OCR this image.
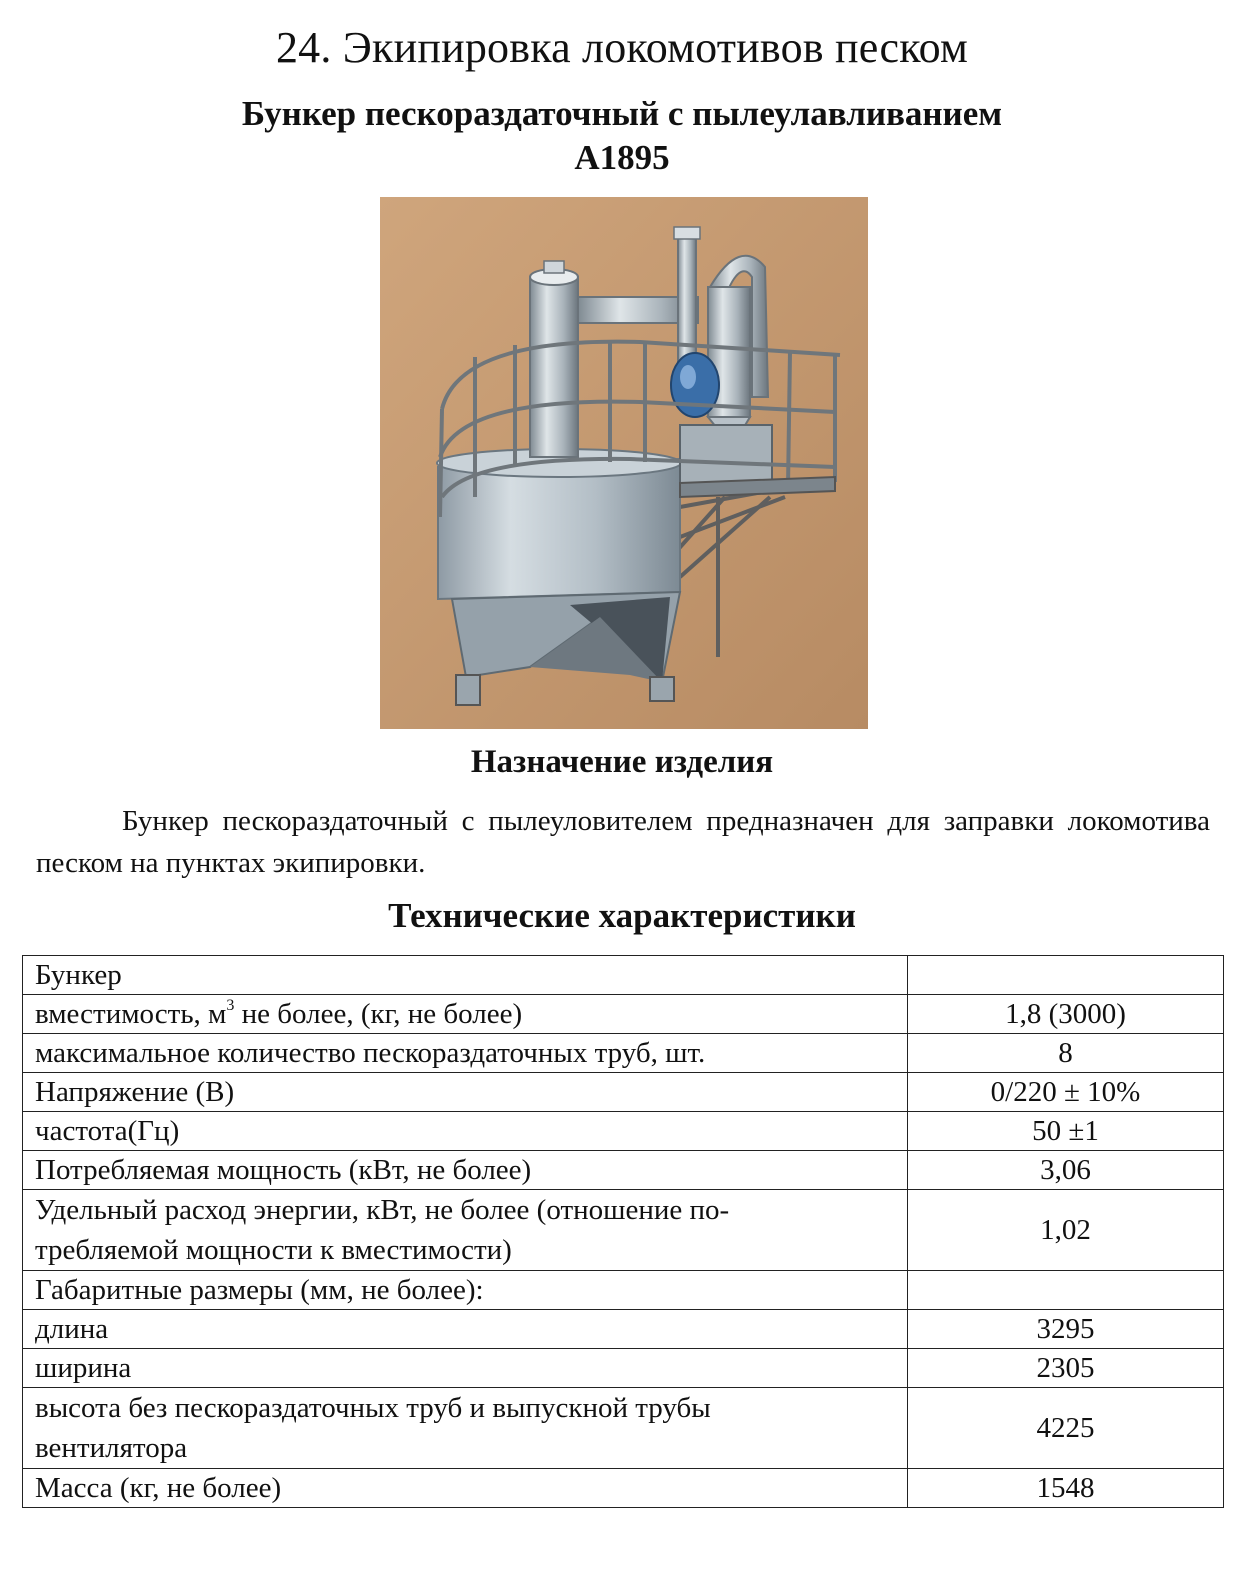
24. Экипировка локомотивов песком
Бункер пескораздаточный с пылеулавливанием
А1895
Назначение изделия

Бункер пескораздаточный с пылеуловителем предназначен для заправки локомотива песком на пунктах экипировки.

Технические характеристики
Бункер	
вместимость, $м^3$ не более, (кг, не более)	1,8 (3000)
максимальное количество пескораздаточных труб, шт.	8
Напряжение (В)	0/220 ± 10%
частота(Гц)	50 ±1
Потребляемая мощность (кВт, не более)	3,06
Удельный расход энергии, кВт, не более (отношение по-
требляемой мощности к вместимости)	1,02
Габаритные размеры (мм, не более):	
длина	3295
ширина	2305
высота без пескораздаточных труб и выпускной трубы
вентилятора	4225
Масса (кг, не более)	1548
